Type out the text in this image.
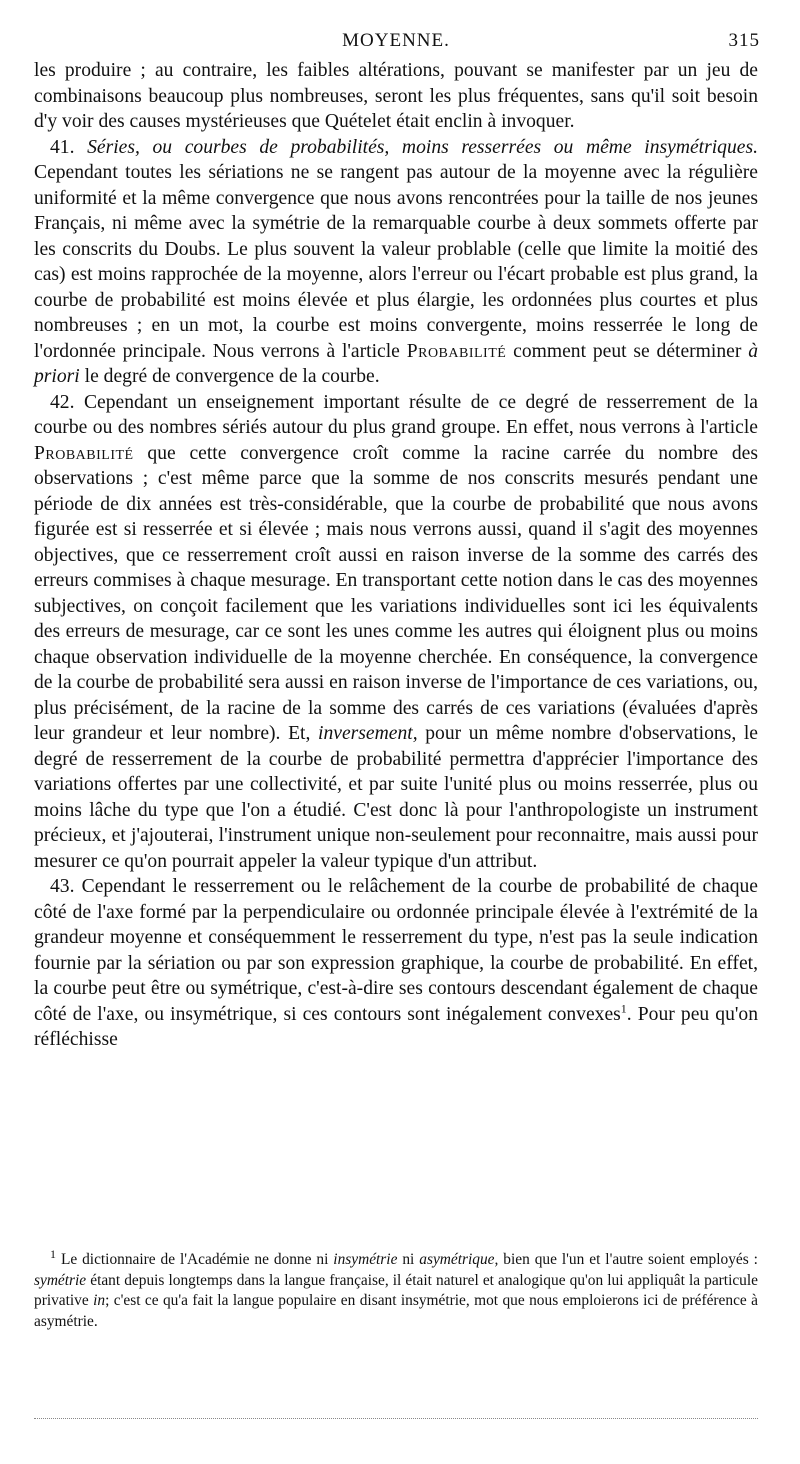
MOYENNE.	315

les produire ; au contraire, les faibles altérations, pouvant se manifester par un jeu de combinaisons beaucoup plus nombreuses, seront les plus fréquentes, sans qu'il soit besoin d'y voir des causes mystérieuses que Quételet était enclin à invoquer.

41. Séries, ou courbes de probabilités, moins resserrées ou même insymétriques. Cependant toutes les sériations ne se rangent pas autour de la moyenne avec la régulière uniformité et la même convergence que nous avons rencontrées pour la taille de nos jeunes Français, ni même avec la symétrie de la remarquable courbe à deux sommets offerte par les conscrits du Doubs. Le plus souvent la valeur problable (celle que limite la moitié des cas) est moins rapprochée de la moyenne, alors l'erreur ou l'écart probable est plus grand, la courbe de probabilité est moins élevée et plus élargie, les ordonnées plus courtes et plus nombreuses ; en un mot, la courbe est moins convergente, moins resserrée le long de l'ordonnée principale. Nous verrons à l'article Probabilité comment peut se déterminer à priori le degré de convergence de la courbe.

42. Cependant un enseignement important résulte de ce degré de resserrement de la courbe ou des nombres sériés autour du plus grand groupe. En effet, nous verrons à l'article Probabilité que cette convergence croît comme la racine carrée du nombre des observations ; c'est même parce que la somme de nos conscrits mesurés pendant une période de dix années est très-considérable, que la courbe de probabilité que nous avons figurée est si resserrée et si élevée ; mais nous verrons aussi, quand il s'agit des moyennes objectives, que ce resserrement croît aussi en raison inverse de la somme des carrés des erreurs commises à chaque mesurage. En transportant cette notion dans le cas des moyennes subjectives, on conçoit facilement que les variations individuelles sont ici les équivalents des erreurs de mesurage, car ce sont les unes comme les autres qui éloignent plus ou moins chaque observation individuelle de la moyenne cherchée. En conséquence, la convergence de la courbe de probabilité sera aussi en raison inverse de l'importance de ces variations, ou, plus précisément, de la racine de la somme des carrés de ces variations (évaluées d'après leur grandeur et leur nombre). Et, inversement, pour un même nombre d'observations, le degré de resserrement de la courbe de probabilité permettra d'apprécier l'importance des variations offertes par une collectivité, et par suite l'unité plus ou moins resserrée, plus ou moins lâche du type que l'on a étudié. C'est donc là pour l'anthropologiste un instrument précieux, et j'ajouterai, l'instrument unique non-seulement pour reconnaitre, mais aussi pour mesurer ce qu'on pourrait appeler la valeur typique d'un attribut.

43. Cependant le resserrement ou le relâchement de la courbe de probabilité de chaque côté de l'axe formé par la perpendiculaire ou ordonnée principale élevée à l'extrémité de la grandeur moyenne et conséquemment le resserrement du type, n'est pas la seule indication fournie par la sériation ou par son expression graphique, la courbe de probabilité. En effet, la courbe peut être ou symétrique, c'est-à-dire ses contours descendant également de chaque côté de l'axe, ou insymétrique, si ces contours sont inégalement convexes$^1$. Pour peu qu'on réfléchisse

$^1$ Le dictionnaire de l'Académie ne donne ni insymétrie ni asymétrique, bien que l'un et l'autre soient employés : symétrie étant depuis longtemps dans la langue française, il était naturel et analogique qu'on lui appliquât la particule privative in; c'est ce qu'a fait la langue populaire en disant insymétrie, mot que nous emploierons ici de préférence à asymétrie.
